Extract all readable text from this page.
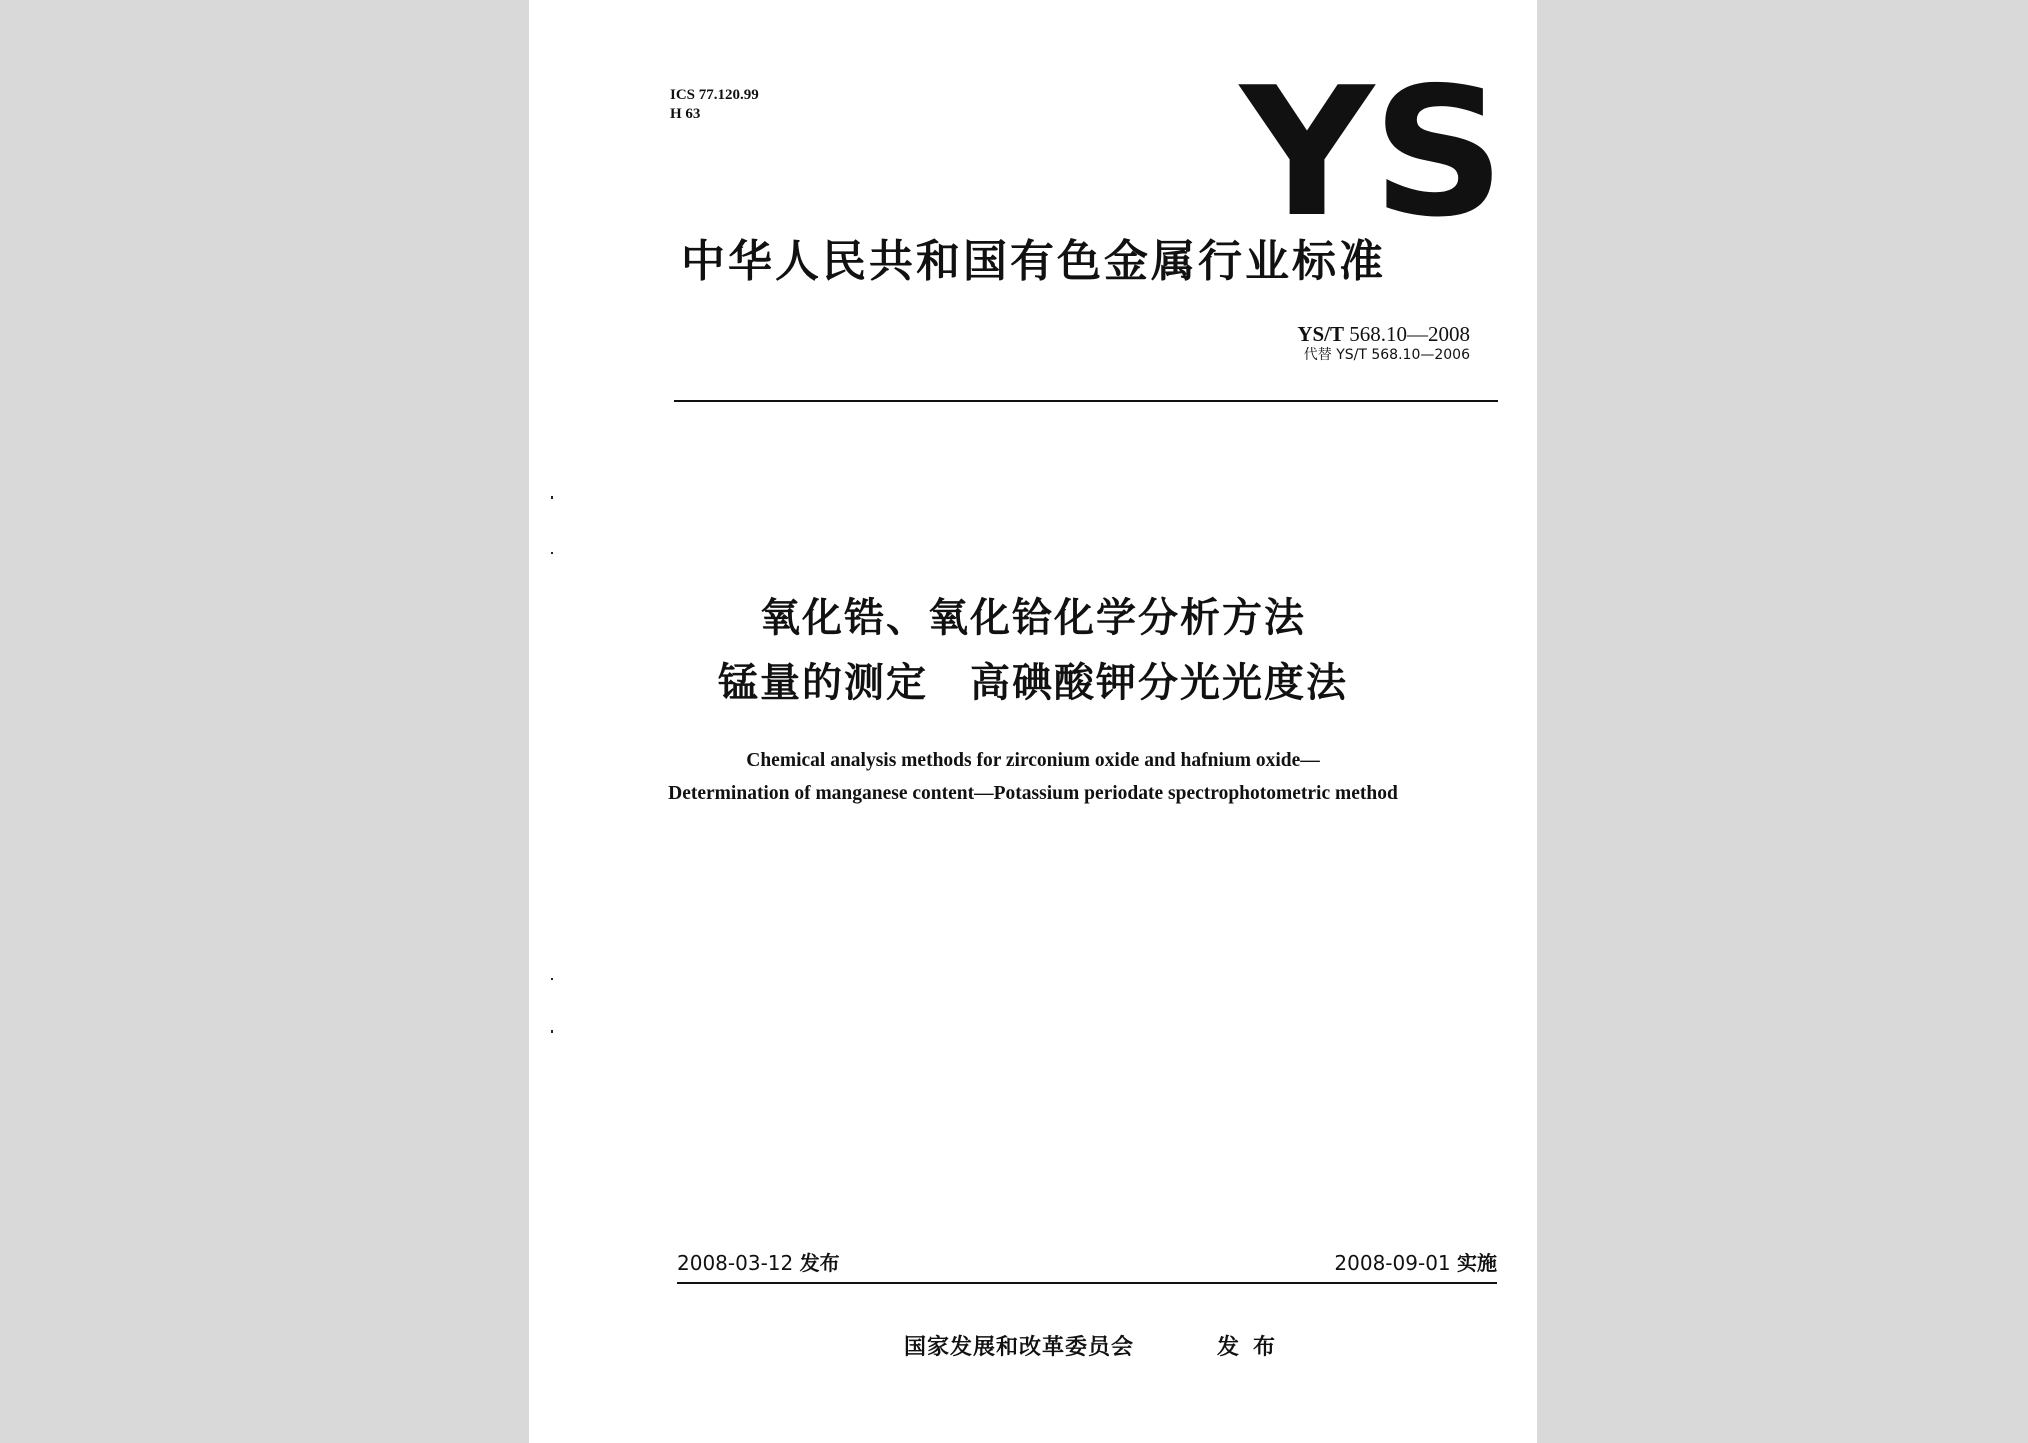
ICS 77.120.99
H 63	YS
中华人民共和国有色金属行业标准
YS/T 568.10—2008
代替 YS/T 568.10—2006
氧化锆、氧化铪化学分析方法
锰量的测定　高碘酸钾分光光度法
Chemical analysis methods for zirconium oxide and hafnium oxide—
Determination of manganese content—Potassium periodate spectrophotometric method
2008-03-12 发布	2008-09-01 实施
国家发展和改革委员会	发布
